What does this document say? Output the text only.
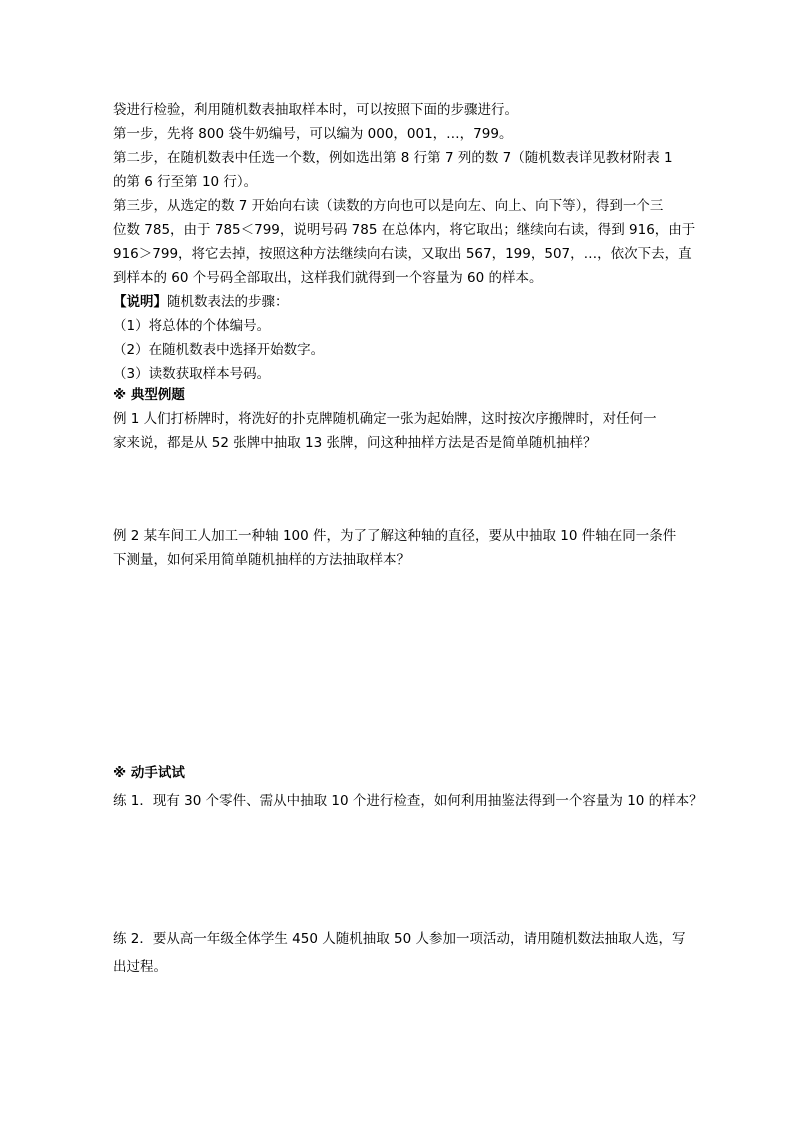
袋进行检验，利用随机数表抽取样本时，可以按照下面的步骤进行。
第一步，先将 800 袋牛奶编号，可以编为 000，001，…，799。
第二步，在随机数表中任选一个数，例如选出第 8 行第 7 列的数 7（随机数表详见教材附表 1
的第 6 行至第 10 行）。
第三步，从选定的数 7 开始向右读（读数的方向也可以是向左、向上、向下等），得到一个三
位数 785，由于 785＜799，说明号码 785 在总体内，将它取出；继续向右读，得到 916，由于
916＞799，将它去掉，按照这种方法继续向右读，又取出 567，199，507，…，依次下去，直
到样本的 60 个号码全部取出，这样我们就得到一个容量为 60 的样本。
【说明】随机数表法的步骤：
（1）将总体的个体编号。
（2）在随机数表中选择开始数字。
（3）读数获取样本号码。
※ 典型例题
例 1 人们打桥牌时，将洗好的扑克牌随机确定一张为起始牌，这时按次序搬牌时，对任何一
家来说，都是从 52 张牌中抽取 13 张牌，问这种抽样方法是否是简单随机抽样？
例 2 某车间工人加工一种轴 100 件，为了了解这种轴的直径，要从中抽取 10 件轴在同一条件
下测量，如何采用简单随机抽样的方法抽取样本？
※ 动手试试
练 1．现有 30 个零件、需从中抽取 10 个进行检查，如何利用抽鉴法得到一个容量为 10 的样本？
练 2．要从高一年级全体学生 450 人随机抽取 50 人参加一项活动，请用随机数法抽取人选，写
出过程。
